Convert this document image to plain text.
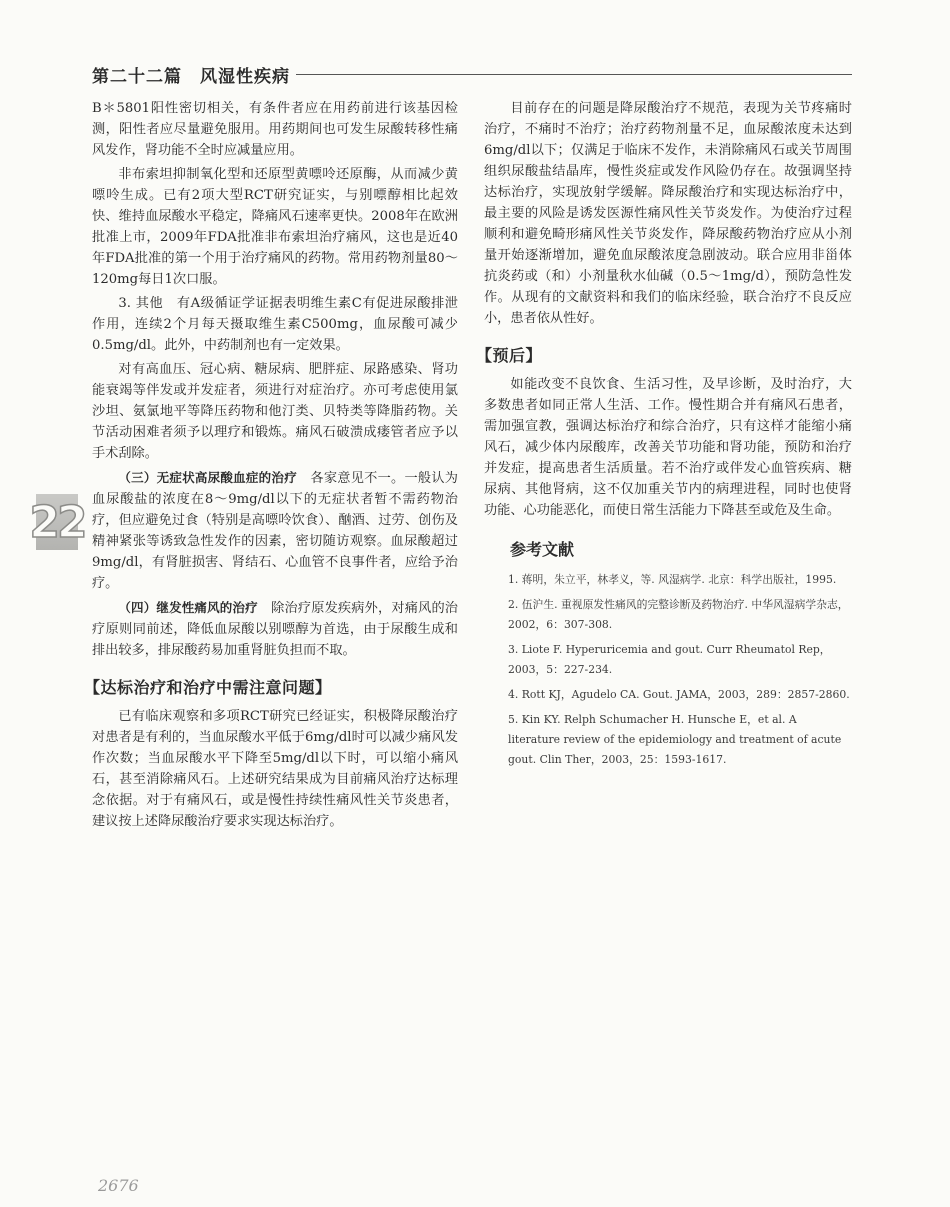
第二十二篇　风湿性疾病
22

B＊5801阳性密切相关，有条件者应在用药前进行该基因检测，阳性者应尽量避免服用。用药期间也可发生尿酸转移性痛风发作，肾功能不全时应减量应用。

非布索坦抑制氧化型和还原型黄嘌呤还原酶，从而减少黄嘌呤生成。已有2项大型RCT研究证实，与别嘌醇相比起效快、维持血尿酸水平稳定，降痛风石速率更快。2008年在欧洲批准上市，2009年FDA批准非布索坦治疗痛风，这也是近40年FDA批准的第一个用于治疗痛风的药物。常用药物剂量80～120mg每日1次口服。

3. 其他　有A级循证学证据表明维生素C有促进尿酸排泄作用，连续2个月每天摄取维生素C500mg，血尿酸可减少0.5mg/dl。此外，中药制剂也有一定效果。

对有高血压、冠心病、糖尿病、肥胖症、尿路感染、肾功能衰竭等伴发或并发症者，须进行对症治疗。亦可考虑使用氯沙坦、氨氯地平等降压药物和他汀类、贝特类等降脂药物。关节活动困难者须予以理疗和锻炼。痛风石破溃成瘘管者应予以手术刮除。

（三）无症状高尿酸血症的治疗　各家意见不一。一般认为血尿酸盐的浓度在8～9mg/dl以下的无症状者暂不需药物治疗，但应避免过食（特别是高嘌呤饮食）、酗酒、过劳、创伤及精神紧张等诱致急性发作的因素，密切随访观察。血尿酸超过9mg/dl，有肾脏损害、肾结石、心血管不良事件者，应给予治疗。

（四）继发性痛风的治疗　除治疗原发疾病外，对痛风的治疗原则同前述，降低血尿酸以别嘌醇为首选，由于尿酸生成和排出较多，排尿酸药易加重肾脏负担而不取。

【达标治疗和治疗中需注意问题】

已有临床观察和多项RCT研究已经证实，积极降尿酸治疗对患者是有利的，当血尿酸水平低于6mg/dl时可以减少痛风发作次数；当血尿酸水平下降至5mg/dl以下时，可以缩小痛风石，甚至消除痛风石。上述研究结果成为目前痛风治疗达标理念依据。对于有痛风石，或是慢性持续性痛风性关节炎患者，建议按上述降尿酸治疗要求实现达标治疗。

目前存在的问题是降尿酸治疗不规范，表现为关节疼痛时治疗，不痛时不治疗；治疗药物剂量不足，血尿酸浓度未达到6mg/dl以下；仅满足于临床不发作，未消除痛风石或关节周围组织尿酸盐结晶库，慢性炎症或发作风险仍存在。故强调坚持达标治疗，实现放射学缓解。降尿酸治疗和实现达标治疗中，最主要的风险是诱发医源性痛风性关节炎发作。为使治疗过程顺利和避免畸形痛风性关节炎发作，降尿酸药物治疗应从小剂量开始逐渐增加，避免血尿酸浓度急剧波动。联合应用非甾体抗炎药或（和）小剂量秋水仙碱（0.5～1mg/d），预防急性发作。从现有的文献资料和我们的临床经验，联合治疗不良反应小，患者依从性好。

【预后】

如能改变不良饮食、生活习性，及早诊断，及时治疗，大多数患者如同正常人生活、工作。慢性期合并有痛风石患者，需加强宣教，强调达标治疗和综合治疗，只有这样才能缩小痛风石，减少体内尿酸库，改善关节功能和肾功能，预防和治疗并发症，提高患者生活质量。若不治疗或伴发心血管疾病、糖尿病、其他肾病，这不仅加重关节内的病理进程，同时也使肾功能、心功能恶化，而使日常生活能力下降甚至或危及生命。

参考文献

1. 蒋明，朱立平，林孝义，等. 风湿病学. 北京：科学出版社，1995.

2. 伍沪生. 重视原发性痛风的完整诊断及药物治疗. 中华风湿病学杂志，2002，6：307-308.

3. Liote F. Hyperuricemia and gout. Curr Rheumatol Rep，2003，5：227-234.

4. Rott KJ，Agudelo CA. Gout. JAMA，2003，289：2857-2860.

5. Kin KY. Relph Schumacher H. Hunsche E，et al. A literature review of the epidemiology and treatment of acute gout. Clin Ther，2003，25：1593-1617.

2676
